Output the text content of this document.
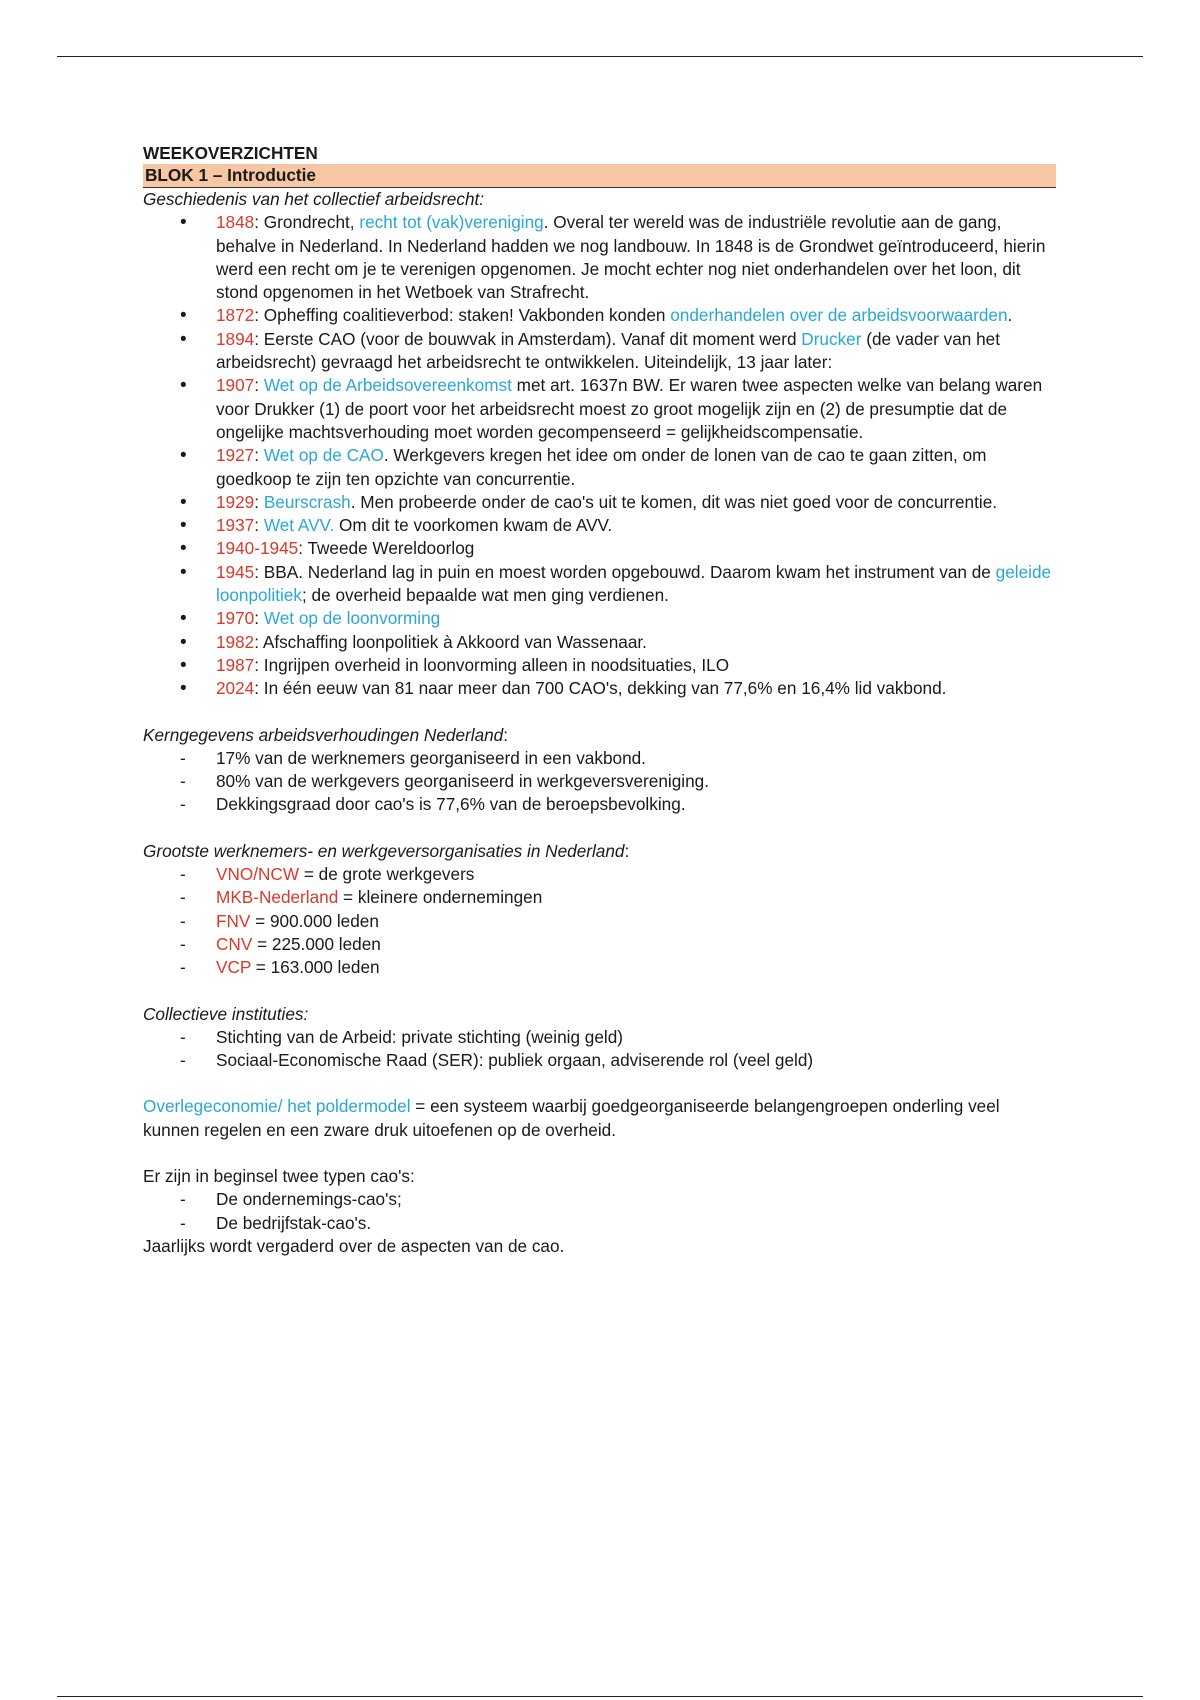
WEEKOVERZICHTEN

BLOK 1 – Introductie

Geschiedenis van het collectief arbeidsrecht:

• 1848: Grondrecht, recht tot (vak)vereniging. Overal ter wereld was de industriële revolutie aan de gang, behalve in Nederland. In Nederland hadden we nog landbouw. In 1848 is de Grondwet geïntroduceerd, hierin werd een recht om je te verenigen opgenomen. Je mocht echter nog niet onderhandelen over het loon, dit stond opgenomen in het Wetboek van Strafrecht.
• 1872: Opheffing coalitieverbod: staken! Vakbonden konden onderhandelen over de arbeidsvoorwaarden.
• 1894: Eerste CAO (voor de bouwvak in Amsterdam). Vanaf dit moment werd Drucker (de vader van het arbeidsrecht) gevraagd het arbeidsrecht te ontwikkelen. Uiteindelijk, 13 jaar later:
• 1907: Wet op de Arbeidsovereenkomst met art. 1637n BW. Er waren twee aspecten welke van belang waren voor Drukker (1) de poort voor het arbeidsrecht moest zo groot mogelijk zijn en (2) de presumptie dat de ongelijke machtsverhouding moet worden gecompenseerd = gelijkheidscompensatie.
• 1927: Wet op de CAO. Werkgevers kregen het idee om onder de lonen van de cao te gaan zitten, om goedkoop te zijn ten opzichte van concurrentie.
• 1929: Beurscrash. Men probeerde onder de cao's uit te komen, dit was niet goed voor de concurrentie.
• 1937: Wet AVV. Om dit te voorkomen kwam de AVV.
• 1940-1945: Tweede Wereldoorlog
• 1945: BBA. Nederland lag in puin en moest worden opgebouwd. Daarom kwam het instrument van de geleide loonpolitiek; de overheid bepaalde wat men ging verdienen.
• 1970: Wet op de loonvorming
• 1982: Afschaffing loonpolitiek à Akkoord van Wassenaar.
• 1987: Ingrijpen overheid in loonvorming alleen in noodsituaties, ILO
• 2024: In één eeuw van 81 naar meer dan 700 CAO's, dekking van 77,6% en 16,4% lid vakbond.

Kerngegevens arbeidsverhoudingen Nederland:

- 17% van de werknemers georganiseerd in een vakbond.
- 80% van de werkgevers georganiseerd in werkgeversvereniging.
- Dekkingsgraad door cao's is 77,6% van de beroepsbevolking.

Grootste werknemers- en werkgeversorganisaties in Nederland:

- VNO/NCW = de grote werkgevers
- MKB-Nederland = kleinere ondernemingen
- FNV = 900.000 leden
- CNV = 225.000 leden
- VCP = 163.000 leden

Collectieve instituties:

- Stichting van de Arbeid: private stichting (weinig geld)
- Sociaal-Economische Raad (SER): publiek orgaan, adviserende rol (veel geld)

Overlegeconomie/ het poldermodel = een systeem waarbij goedgeorganiseerde belangengroepen onderling veel kunnen regelen en een zware druk uitoefenen op de overheid.

Er zijn in beginsel twee typen cao's:

- De ondernemings-cao's;
- De bedrijfstak-cao's.

Jaarlijks wordt vergaderd over de aspecten van de cao.
